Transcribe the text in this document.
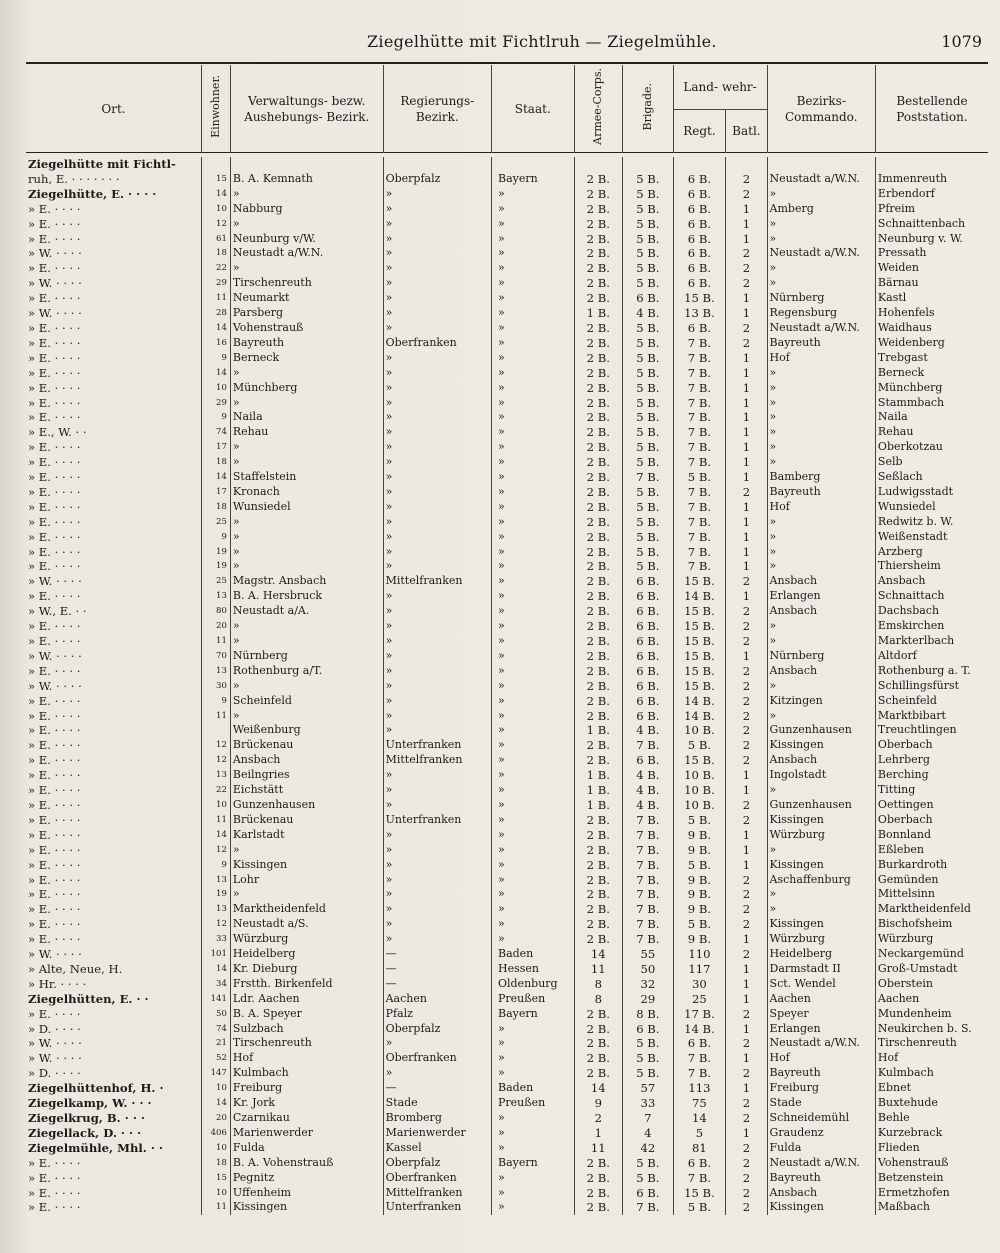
Ziegelhütte mit Fichtlruh — Ziegelmühle.	1079
Ort.	Einwohner.	Verwaltungs- bezw. Aushebungs- Bezirk.	Regierungs- Bezirk.	Staat.	Armee-Corps.	Brigade.	Land- wehr-		Bezirks- Commando.	Bestellende Poststation.
							Regt.	Batl.		

Ziegelhütte mit Fichtl-										
ruh, E. · · · · · · ·	15	B. A. Kemnath	Oberpfalz	Bayern	2 B.	5 B.	6 B.	2	Neustadt a/W.N.	Immenreuth
Ziegelhütte, E. · · · ·	14	»	»	»	2 B.	5 B.	6 B.	2	»	Erbendorf
» E. · · · ·	10	Nabburg	»	»	2 B.	5 B.	6 B.	1	Amberg	Pfreim
» E. · · · ·	12	»	»	»	2 B.	5 B.	6 B.	1	»	Schnaittenbach
» E. · · · ·	61	Neunburg v/W.	»	»	2 B.	5 B.	6 B.	1	»	Neunburg v. W.
» W. · · · ·	18	Neustadt a/W.N.	»	»	2 B.	5 B.	6 B.	2	Neustadt a/W.N.	Pressath
» E. · · · ·	22	»	»	»	2 B.	5 B.	6 B.	2	»	Weiden
» W. · · · ·	29	Tirschenreuth	»	»	2 B.	5 B.	6 B.	2	»	Bärnau
» E. · · · ·	11	Neumarkt	»	»	2 B.	6 B.	15 B.	1	Nürnberg	Kastl
» W. · · · ·	28	Parsberg	»	»	1 B.	4 B.	13 B.	1	Regensburg	Hohenfels
» E. · · · ·	14	Vohenstrauß	»	»	2 B.	5 B.	6 B.	2	Neustadt a/W.N.	Waidhaus
» E. · · · ·	16	Bayreuth	Oberfranken	»	2 B.	5 B.	7 B.	2	Bayreuth	Weidenberg
» E. · · · ·	9	Berneck	»	»	2 B.	5 B.	7 B.	1	Hof	Trebgast
» E. · · · ·	14	»	»	»	2 B.	5 B.	7 B.	1	»	Berneck
» E. · · · ·	10	Münchberg	»	»	2 B.	5 B.	7 B.	1	»	Münchberg
» E. · · · ·	29	»	»	»	2 B.	5 B.	7 B.	1	»	Stammbach
» E. · · · ·	9	Naila	»	»	2 B.	5 B.	7 B.	1	»	Naila
» E., W. · ·	74	Rehau	»	»	2 B.	5 B.	7 B.	1	»	Rehau
» E. · · · ·	17	»	»	»	2 B.	5 B.	7 B.	1	»	Oberkotzau
» E. · · · ·	18	»	»	»	2 B.	5 B.	7 B.	1	»	Selb
» E. · · · ·	14	Staffelstein	»	»	2 B.	7 B.	5 B.	1	Bamberg	Seßlach
» E. · · · ·	17	Kronach	»	»	2 B.	5 B.	7 B.	2	Bayreuth	Ludwigsstadt
» E. · · · ·	18	Wunsiedel	»	»	2 B.	5 B.	7 B.	1	Hof	Wunsiedel
» E. · · · ·	25	»	»	»	2 B.	5 B.	7 B.	1	»	Redwitz b. W.
» E. · · · ·	9	»	»	»	2 B.	5 B.	7 B.	1	»	Weißenstadt
» E. · · · ·	19	»	»	»	2 B.	5 B.	7 B.	1	»	Arzberg
» E. · · · ·	19	»	»	»	2 B.	5 B.	7 B.	1	»	Thiersheim
» W. · · · ·	25	Magstr. Ansbach	Mittelfranken	»	2 B.	6 B.	15 B.	2	Ansbach	Ansbach
» E. · · · ·	13	B. A. Hersbruck	»	»	2 B.	6 B.	14 B.	1	Erlangen	Schnaittach
» W., E. · ·	80	Neustadt a/A.	»	»	2 B.	6 B.	15 B.	2	Ansbach	Dachsbach
» E. · · · ·	20	»	»	»	2 B.	6 B.	15 B.	2	»	Emskirchen
» E. · · · ·	11	»	»	»	2 B.	6 B.	15 B.	2	»	Markterlbach
» W. · · · ·	70	Nürnberg	»	»	2 B.	6 B.	15 B.	1	Nürnberg	Altdorf
» E. · · · ·	13	Rothenburg a/T.	»	»	2 B.	6 B.	15 B.	2	Ansbach	Rothenburg a. T.
» W. · · · ·	30	»	»	»	2 B.	6 B.	15 B.	2	»	Schillingsfürst
» E. · · · ·	9	Scheinfeld	»	»	2 B.	6 B.	14 B.	2	Kitzingen	Scheinfeld
» E. · · · ·	11	»	»	»	2 B.	6 B.	14 B.	2	»	Marktbibart
» E. · · · ·		Weißenburg	»	»	1 B.	4 B.	10 B.	2	Gunzenhausen	Treuchtlingen
» E. · · · ·	12	Brückenau	Unterfranken	»	2 B.	7 B.	5 B.	2	Kissingen	Oberbach
» E. · · · ·	12	Ansbach	Mittelfranken	»	2 B.	6 B.	15 B.	2	Ansbach	Lehrberg
» E. · · · ·	13	Beilngries	»	»	1 B.	4 B.	10 B.	1	Ingolstadt	Berching
» E. · · · ·	22	Eichstätt	»	»	1 B.	4 B.	10 B.	1	»	Titting
» E. · · · ·	10	Gunzenhausen	»	»	1 B.	4 B.	10 B.	2	Gunzenhausen	Oettingen
» E. · · · ·	11	Brückenau	Unterfranken	»	2 B.	7 B.	5 B.	2	Kissingen	Oberbach
» E. · · · ·	14	Karlstadt	»	»	2 B.	7 B.	9 B.	1	Würzburg	Bonnland
» E. · · · ·	12	»	»	»	2 B.	7 B.	9 B.	1	»	Eßleben
» E. · · · ·	9	Kissingen	»	»	2 B.	7 B.	5 B.	1	Kissingen	Burkardroth
» E. · · · ·	13	Lohr	»	»	2 B.	7 B.	9 B.	2	Aschaffenburg	Gemünden
» E. · · · ·	19	»	»	»	2 B.	7 B.	9 B.	2	»	Mittelsinn
» E. · · · ·	13	Marktheidenfeld	»	»	2 B.	7 B.	9 B.	2	»	Marktheidenfeld
» E. · · · ·	12	Neustadt a/S.	»	»	2 B.	7 B.	5 B.	2	Kissingen	Bischofsheim
» E. · · · ·	33	Würzburg	»	»	2 B.	7 B.	9 B.	1	Würzburg	Würzburg
» W. · · · ·	101	Heidelberg	—	Baden	14	55	110	2	Heidelberg	Neckargemünd
» Alte, Neue, H.	14	Kr. Dieburg	—	Hessen	11	50	117	1	Darmstadt II	Groß-Umstadt
» Hr. · · · ·	34	Frstth. Birkenfeld	—	Oldenburg	8	32	30	1	Sct. Wendel	Oberstein
Ziegelhütten, E. · ·	141	Ldr. Aachen	Aachen	Preußen	8	29	25	1	Aachen	Aachen
» E. · · · ·	50	B. A. Speyer	Pfalz	Bayern	2 B.	8 B.	17 B.	2	Speyer	Mundenheim
» D. · · · ·	74	Sulzbach	Oberpfalz	»	2 B.	6 B.	14 B.	1	Erlangen	Neukirchen b. S.
» W. · · · ·	21	Tirschenreuth	»	»	2 B.	5 B.	6 B.	2	Neustadt a/W.N.	Tirschenreuth
» W. · · · ·	52	Hof	Oberfranken	»	2 B.	5 B.	7 B.	1	Hof	Hof
» D. · · · ·	147	Kulmbach	»	»	2 B.	5 B.	7 B.	2	Bayreuth	Kulmbach
Ziegelhüttenhof, H. ·	10	Freiburg	—	Baden	14	57	113	1	Freiburg	Ebnet
Ziegelkamp, W. · · ·	14	Kr. Jork	Stade	Preußen	9	33	75	2	Stade	Buxtehude
Ziegelkrug, B. · · ·	20	Czarnikau	Bromberg	»	2	7	14	2	Schneidemühl	Behle
Ziegellack, D. · · ·	406	Marienwerder	Marienwerder	»	1	4	5	1	Graudenz	Kurzebrack
Ziegelmühle, Mhl. · ·	10	Fulda	Kassel	»	11	42	81	2	Fulda	Flieden
» E. · · · ·	18	B. A. Vohenstrauß	Oberpfalz	Bayern	2 B.	5 B.	6 B.	2	Neustadt a/W.N.	Vohenstrauß
» E. · · · ·	15	Pegnitz	Oberfranken	»	2 B.	5 B.	7 B.	2	Bayreuth	Betzenstein
» E. · · · ·	10	Uffenheim	Mittelfranken	»	2 B.	6 B.	15 B.	2	Ansbach	Ermetzhofen
» E. · · · ·	11	Kissingen	Unterfranken	»	2 B.	7 B.	5 B.	2	Kissingen	Maßbach
